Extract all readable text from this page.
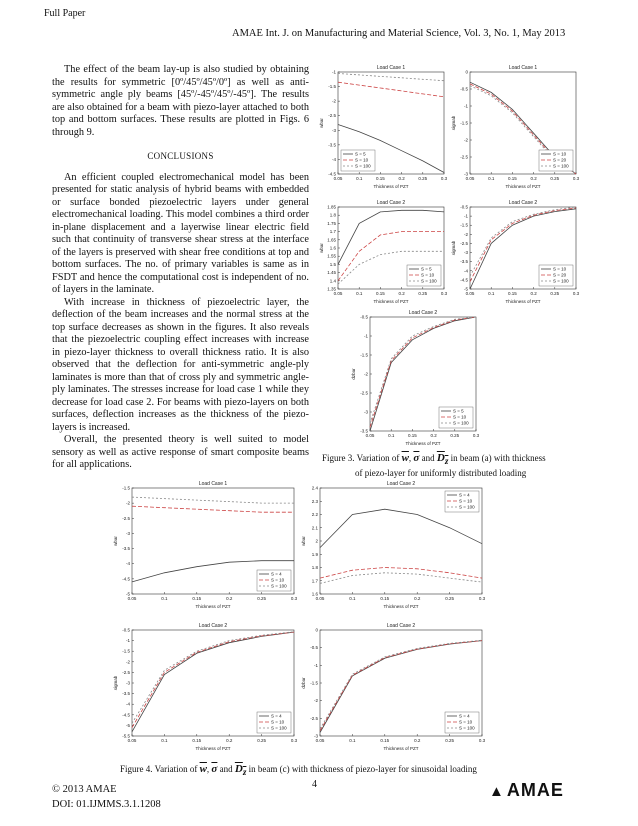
Full Paper
AMAE Int. J. on Manufacturing and Material Science, Vol. 3, No. 1, May 2013

The effect of the beam lay-up is also studied by obtaining the results for symmetric [0º/45º/45º/0º] as well as anti-symmetric angle ply beams [45º/-45º/45º/-45º]. The results are also obtained for a beam with piezo-layer attached to both top and bottom surfaces. These results are plotted in Figs. 6 through 9.

CONCLUSIONS

An efficient coupled electromechanical model has been presented for static analysis of hybrid beams with embedded or surface bonded piezoelectric layers under general electromechanical loading. This model combines a third order in-plane displacement and a layerwise linear electric field such that continuity of transverse shear stress at the interface of the layers is preserved with shear free conditions at top and bottom surfaces. The no. of primary variables is same as in FSDT and hence the computational cost is independent of no. of layers in the laminate.

With increase in thickness of piezoelectric layer, the deflection of the beam increases and the normal stress at the top surface decreases as shown in the figures. It also reveals that the piezoelectric coupling effect increases with increase in piezo-layer thickness to overall thickness ratio. It is also observed that the deflection for anti-symmetric angle-ply laminates is more than that of cross ply and symmetric angle-ply laminates. The stresses increase for load case 1 while they decrease for load case 2. For beams with piezo-layers on both surfaces, deflection increases as the thickness of the piezo-layers is increased.

Overall, the presented theory is well suited to model sensory as well as active response of smart composite beams for all applications.

Load Case 1
0.05	0.1	0.15	0.2	0.25	0.3
-1
-1.5
-2
-2.5
-3
-3.5
-4
-4.5
Thickness of PZT
wbar
S = 5
S = 10
S = 100
Load Case 1
0.05	0.1	0.15	0.2	0.25	0.3
0
-0.5
-1
-1.5
-2
-2.5
-3
Thickness of PZT
sigmab
S = 10
S = 20
S = 100
Load Case 2
0.05	0.1	0.15	0.2	0.25	0.3
1.85
1.8
1.75
1.7
1.65
1.6
1.55
1.5
1.45
1.4
1.35
Thickness of PZT
wbar
S = 5
S = 10
S = 100
Load Case 2
0.05	0.1	0.15	0.2	0.25	0.3
-0.5
-1
-1.5
-2
-2.5
-3
-3.5
-4
-4.5
-5
Thickness of PZT
sigmab
S = 10
S = 20
S = 100
Load Case 2
0.05	0.1	0.15	0.2	0.25	0.3
-0.5
-1
-1.5
-2
-2.5
-3
-3.5
Thickness of PZT
dzbar
S = 5
S = 10
S = 100
Figure 3. Variation of $\overline{w}$, $\overline{\sigma}$ and $D_z$ in beam (a) with thickness
of piezo-layer for uniformly distributed loading
Load Case 1
0.05	0.1	0.15	0.2	0.25	0.3
-1.5
-2
-2.5
-3
-3.5
-4
-4.5
-5
Thickness of PZT
wbar
S = 4
S = 10
S = 100
Load Case 2
0.05	0.1	0.15	0.2	0.25	0.3
2.4
2.3
2.2
2.1
2
1.9
1.8
1.7
1.6
Thickness of PZT
wbar
S = 4
S = 10
S = 100
Load Case 2
0.05	0.1	0.15	0.2	0.25	0.3
-0.5
-1
-1.5
-2
-2.5
-3
-3.5
-4
-4.5
-5
-5.5
Thickness of PZT
sigmab
S = 4
S = 10
S = 100
Load Case 2
0.05	0.1	0.15	0.2	0.25	0.3
0
-0.5
-1
-1.5
-2
-2.5
-3
Thickness of PZT
dzbar
S = 4
S = 10
S = 100
Figure 4. Variation of $\overline{w}$, $\overline{\sigma}$ and $D_z$ in beam (c) with thickness of piezo-layer for sinusoidal loading
© 2013 AMAE
DOI: 01.IJMMS.3.1.1208
4	▲ AMAE
